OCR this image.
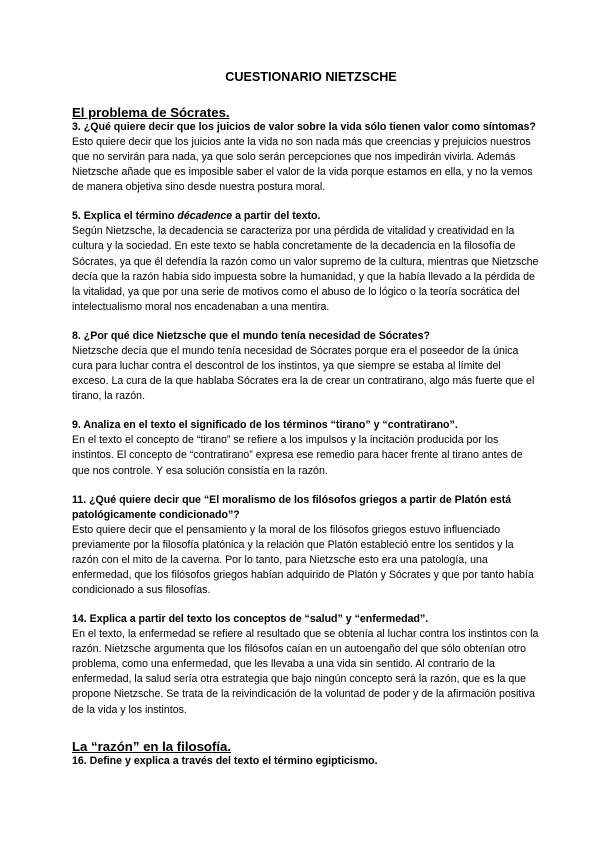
CUESTIONARIO NIETZSCHE
El problema de Sócrates.

3. ¿Qué quiere decir que los juicios de valor sobre la vida sólo tienen valor como síntomas?

Esto quiere decir que los juicios ante la vida no son nada más que creencias y prejuicios nuestros que no servirán para nada, ya que solo serán percepciones que nos impedirán vivirla. Además Nietzsche añade que es imposible saber el valor de la vida porque estamos en ella, y no la vemos de manera objetiva sino desde nuestra postura moral.

5. Explica el término décadence a partir del texto.

Según Nietzsche, la decadencia se caracteriza por una pérdida de vitalidad y creatividad en la cultura y la sociedad. En este texto se habla concretamente de la decadencia en la filosofía de Sócrates, ya que él defendía la razón como un valor supremo de la cultura, mientras que Nietzsche decía que la razón había sido impuesta sobre la humanidad, y que la había llevado a la pérdida de la vitalidad, ya que por una serie de motivos como el abuso de lo lógico o la teoría socrática del intelectualismo moral nos encadenaban a una mentira.

8. ¿Por qué dice Nietzsche que el mundo tenía necesidad de Sócrates?

Nietzsche decía que el mundo tenía necesidad de Sócrates porque era el poseedor de la única cura para luchar contra el descontrol de los instintos, ya que siempre se estaba al límite del exceso. La cura de la que hablaba Sócrates era la de crear un contratirano, algo más fuerte que el tirano, la razón.

9. Analiza en el texto el significado de los términos “tirano” y “contratirano”.

En el texto el concepto de “tirano” se refiere a los impulsos y la incitación producida por los instintos. El concepto de “contratirano” expresa ese remedio para hacer frente al tirano antes de que nos controle. Y esa solución consistía en la razón.

11. ¿Qué quiere decir que “El moralismo de los filósofos griegos a partir de Platón está patológicamente condicionado”?

Esto quiere decir que el pensamiento y la moral de los filósofos griegos estuvo influenciado previamente por la filosofía platónica y la relación que Platón estableció entre los sentidos y la razón con el mito de la caverna. Por lo tanto, para Nietzsche esto era una patología, una enfermedad, que los filósofos griegos habían adquirido de Platón y Sócrates y que por tanto había condicionado a sus filosofías.

14. Explica a partir del texto los conceptos de “salud” y “enfermedad”.

En el texto, la enfermedad se refiere al resultado que se obtenía al luchar contra los instintos con la razón. Nietzsche argumenta que los filósofos caían en un autoengaño del que sólo obtenían otro problema, como una enfermedad, que les llevaba a una vida sin sentido. Al contrario de la enfermedad, la salud sería otra estrategia que bajo ningún concepto será la razón, que es la que propone Nietzsche. Se trata de la reivindicación de la voluntad de poder y de la afirmación positiva de la vida y los instintos.

La “razón” en la filosofía.

16. Define y explica a través del texto el término egipticismo.
